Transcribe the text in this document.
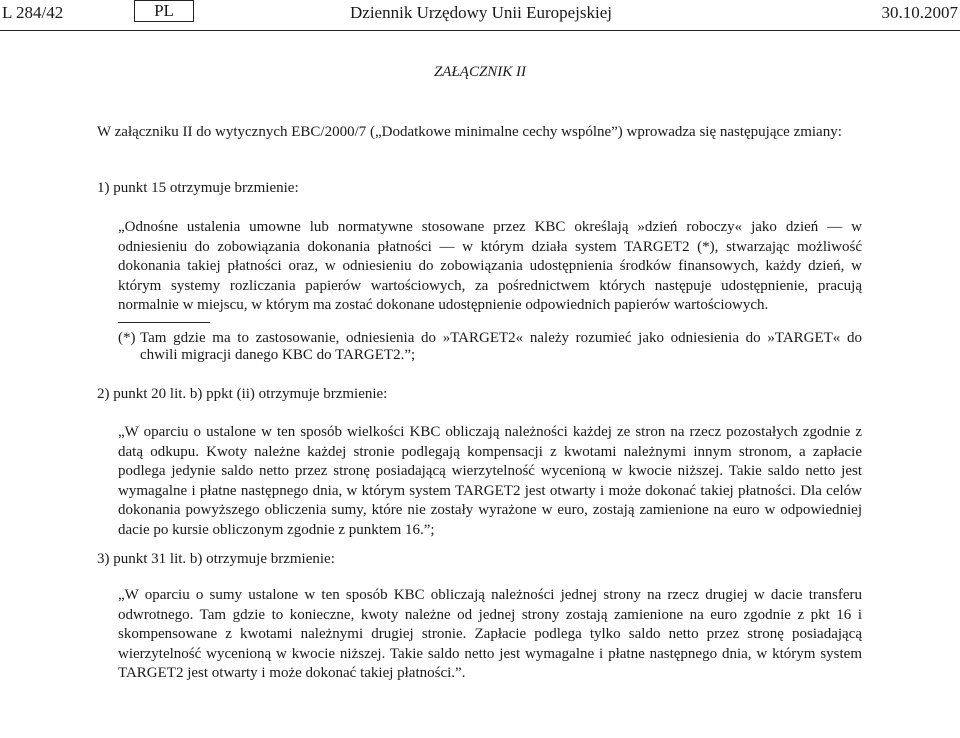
L 284/42	PL	Dziennik Urzędowy Unii Europejskiej	30.10.2007
ZAŁĄCZNIK II
W załączniku II do wytycznych EBC/2000/7 („Dodatkowe minimalne cechy wspólne”) wprowadza się następujące zmiany:
1) punkt 15 otrzymuje brzmienie:
„Odnośne ustalenia umowne lub normatywne stosowane przez KBC określają »dzień roboczy« jako dzień — w odniesieniu do zobowiązania dokonania płatności — w którym działa system TARGET2 (*), stwarzając możliwość dokonania takiej płatności oraz, w odniesieniu do zobowiązania udostępnienia środków finansowych, każdy dzień, w którym systemy rozliczania papierów wartościowych, za pośrednictwem których następuje udostępnienie, pracują normalnie w miejscu, w którym ma zostać dokonane udostępnienie odpowiednich papierów wartościowych.
(*) Tam gdzie ma to zastosowanie, odniesienia do »TARGET2« należy rozumieć jako odniesienia do »TARGET« do chwili migracji danego KBC do TARGET2.”;
2) punkt 20 lit. b) ppkt (ii) otrzymuje brzmienie:
„W oparciu o ustalone w ten sposób wielkości KBC obliczają należności każdej ze stron na rzecz pozostałych zgodnie z datą odkupu. Kwoty należne każdej stronie podlegają kompensacji z kwotami należnymi innym stronom, a zapłacie podlega jedynie saldo netto przez stronę posiadającą wierzytelność wycenioną w kwocie niższej. Takie saldo netto jest wymagalne i płatne następnego dnia, w którym system TARGET2 jest otwarty i może dokonać takiej płatności. Dla celów dokonania powyższego obliczenia sumy, które nie zostały wyrażone w euro, zostają zamienione na euro w odpowiedniej dacie po kursie obliczonym zgodnie z punktem 16.”;
3) punkt 31 lit. b) otrzymuje brzmienie:
„W oparciu o sumy ustalone w ten sposób KBC obliczają należności jednej strony na rzecz drugiej w dacie transferu odwrotnego. Tam gdzie to konieczne, kwoty należne od jednej strony zostają zamienione na euro zgodnie z pkt 16 i skompensowane z kwotami należnymi drugiej stronie. Zapłacie podlega tylko saldo netto przez stronę posiadającą wierzytelność wycenioną w kwocie niższej. Takie saldo netto jest wymagalne i płatne następnego dnia, w którym system TARGET2 jest otwarty i może dokonać takiej płatności.”.
